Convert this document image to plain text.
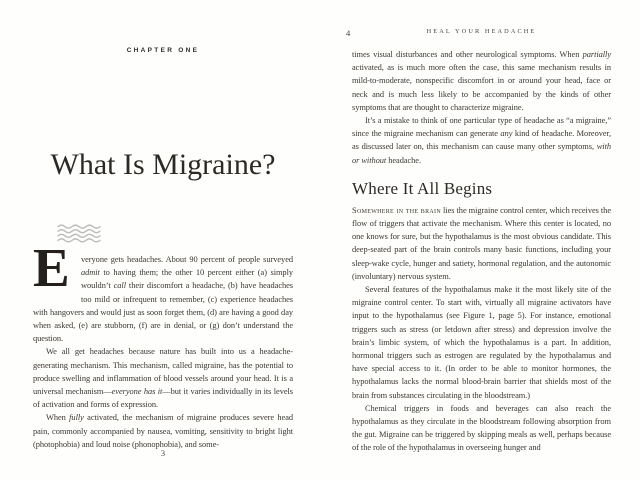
CHAPTER ONE
What Is Migraine?
E	veryone gets headaches. About 90 percent of people surveyed admit to having them; the other 10 percent either (a) simply wouldn’t call their discomfort a headache, (b) have headaches too mild or infrequent to remember, (c) experience headaches with hangovers and would just as soon forget them, (d) are having a good day when asked, (e) are stubborn, (f) are in denial, or (g) don’t understand the question.

We all get headaches because nature has built into us a headache-generating mechanism. This mechanism, called migraine, has the potential to produce swelling and inflammation of blood vessels around your head. It is a universal mechanism—everyone has it—but it varies individually in its levels of activation and forms of expression.

When fully activated, the mechanism of migraine produces severe head pain, commonly accompanied by nausea, vomiting, sensitivity to bright light (photophobia) and loud noise (phonophobia), and some-

3
4	HEAL YOUR HEADACHE

times visual disturbances and other neurological symptoms. When partially activated, as is much more often the case, this same mechanism results in mild-to-moderate, nonspecific discomfort in or around your head, face or neck and is much less likely to be accompanied by the kinds of other symptoms that are thought to characterize migraine.

It’s a mistake to think of one particular type of headache as “a migraine,” since the migraine mechanism can generate any kind of headache. Moreover, as discussed later on, this mechanism can cause many other symptoms, with or without headache.

Where It All Begins

Somewhere in the brain lies the migraine control center, which receives the flow of triggers that activate the mechanism. Where this center is located, no one knows for sure, but the hypothalamus is the most obvious candidate. This deep-seated part of the brain controls many basic functions, including your sleep-wake cycle, hunger and satiety, hormonal regulation, and the autonomic (involuntary) nervous system.

Several features of the hypothalamus make it the most likely site of the migraine control center. To start with, virtually all migraine activators have input to the hypothalamus (see Figure 1, page 5). For instance, emotional triggers such as stress (or letdown after stress) and depression involve the brain’s limbic system, of which the hypothalamus is a part. In addition, hormonal triggers such as estrogen are regulated by the hypothalamus and have special access to it. (In order to be able to monitor hormones, the hypothalamus lacks the normal blood-brain barrier that shields most of the brain from substances circulating in the bloodstream.)

Chemical triggers in foods and beverages can also reach the hypothalamus as they circulate in the bloodstream following absorption from the gut. Migraine can be triggered by skipping meals as well, perhaps because of the role of the hypothalamus in overseeing hunger and
